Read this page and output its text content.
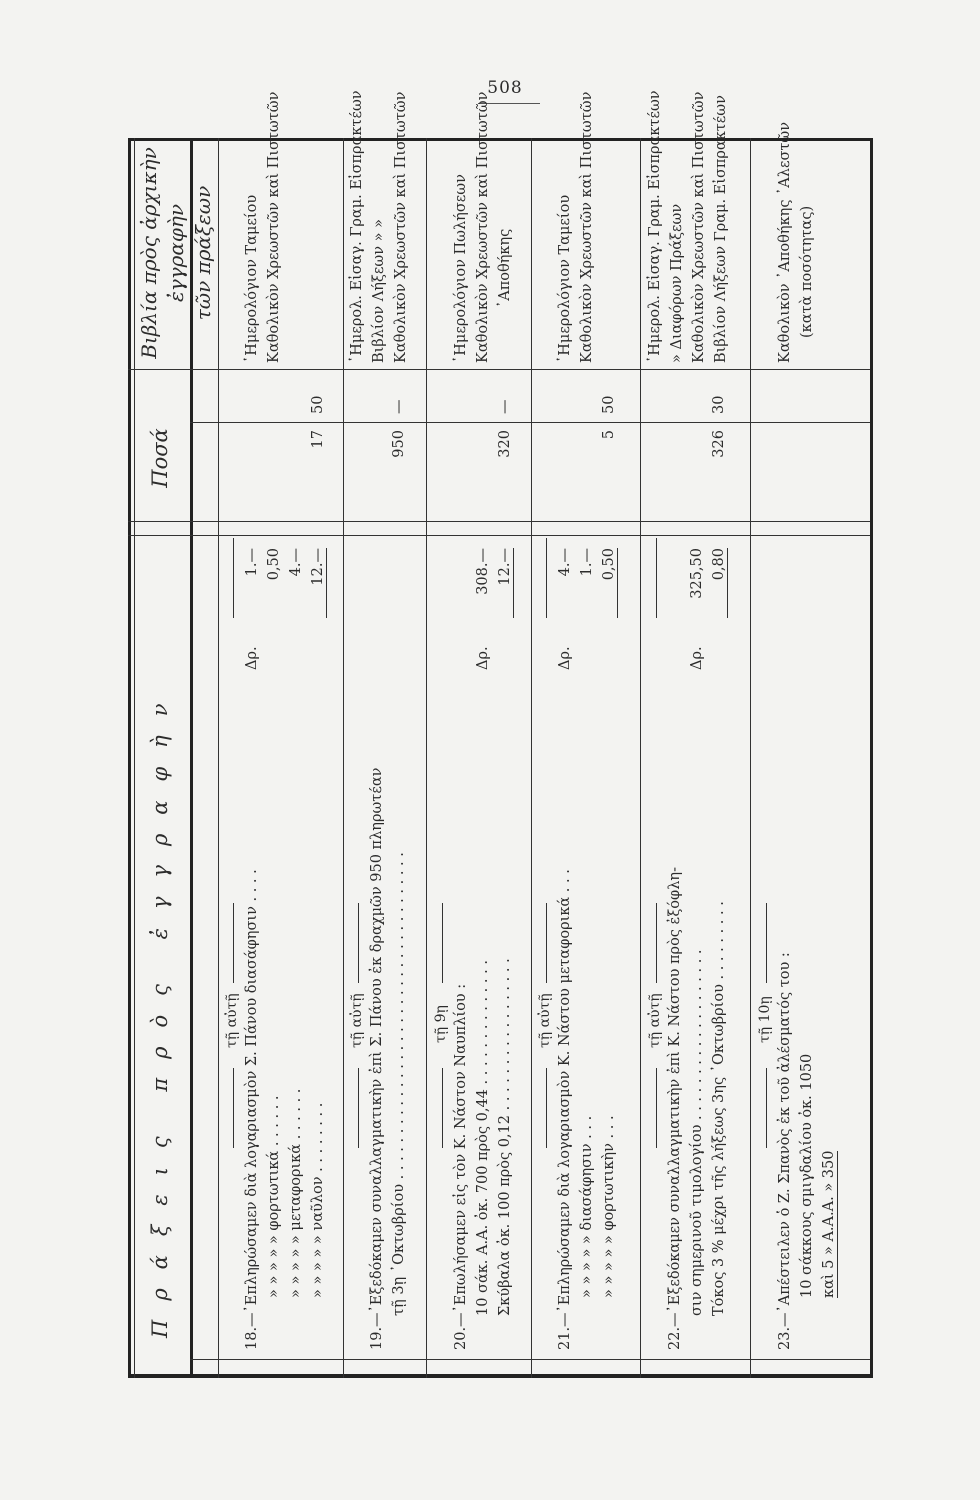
508
Πράξεις πρὸς ἐγγραφὴν
Ποσά
Βιβλία πρὸς ἀρχικὴν ἐγγραφὴν τῶν πράξεων
τῇ αὐτῇ 18.—᾿Επληρώσαμεν διὰ λογαριασμὸν Σ. Πάνου διασάφησιν . . . .
Δρ.
1.—
» » » » » φορτωτικά . . . . . .
0,50
» » » » » μεταφορικά . . . . . .
4.—
» » » » » ναῦλον . . . . . . . .
12.—
17
50
῾Ημερολόγιον Ταμείου Καθολικὸν Χρεωστῶν καὶ Πιστωτῶν
τῇ αὐτῇ 19.—᾿Εξεδόκαμεν συναλλαγματικὴν ἐπὶ Σ. Πάνου ἐκ δραχμῶν 950 πληρωτέαν τῇ 3ῃ ᾿Οκτωβρίου . . . . . . . . . . . . . . . . . . . . . . . . . . . . . . . . . . . .
950
—
῾Ημερολ. Εἰσαγ. Γραμ. Εἰσπρακτέων Βιβλίον Λήξεων » » Καθολικὸν Χρεωστῶν καὶ Πιστωτῶν
τῇ 9ῃ 20.—᾿Επωλήσαμεν εἰς τὸν Κ. Νάστον Ναυπλίου : 10 σάκ. Α.Α. ὀκ. 700 πρὸς 0,44 . . . . . . . . . . . . . .
Δρ.
308.—
Σκύβαλα ὀκ. 100 πρὸς 0,12 . . . . . . . . . . . . . . . . .
12.—
320
—
῾Ημερολόγιον Πωλήσεων Καθολικὸν Χρεωστῶν καὶ Πιστωτῶν ᾿Αποθήκης
τῇ αὐτῇ 21.—᾿Επληρώσαμεν διὰ λογαριασμὸν Κ. Νάστου μεταφορικά . . .
Δρ.
4.—
» » » » » διασάφησιν . . .
1.—
» » » » » φορτωτικὴν . . .
0,50
5
50
῾Ημερολόγιον Ταμείου Καθολικὸν Χρεωστῶν καὶ Πιστωτῶν
τῇ αὐτῇ 22.—᾿Εξεδόκαμεν συναλλαγματικὴν ἐπὶ Κ. Νάστου πρὸς ἐξόφλη- σιν σημερινοῦ τιμολογίου . . . . . . . . . . . . . . . . . . .
Δρ.
325,50
Τόκος 3 % μέχρι τῆς λήξεως 3ης ᾿Οκτωβρίου . . . . . . . . .
0,80
326
30
῾Ημερολ. Εἰσαγ. Γραμ. Εἰσπρακτέων » Διαφόρων Πράξεων Καθολικὸν Χρεωστῶν καὶ Πιστωτῶν Βιβλίον Λήξεων Γραμ. Εἰσπρακτέων
τῇ 10ῃ 23.—᾿Απέστειλεν ὁ Ζ. Σπανὸς ἐκ τοῦ ἀλέσματός του : 10 σάκκους σμιγδαλίου ὀκ. 1050 καὶ 5 » Α.Α.Α. » 350
Καθολικὸν ᾿Αποθήκης ᾿Αλεστῶν (κατὰ ποσότητας)
